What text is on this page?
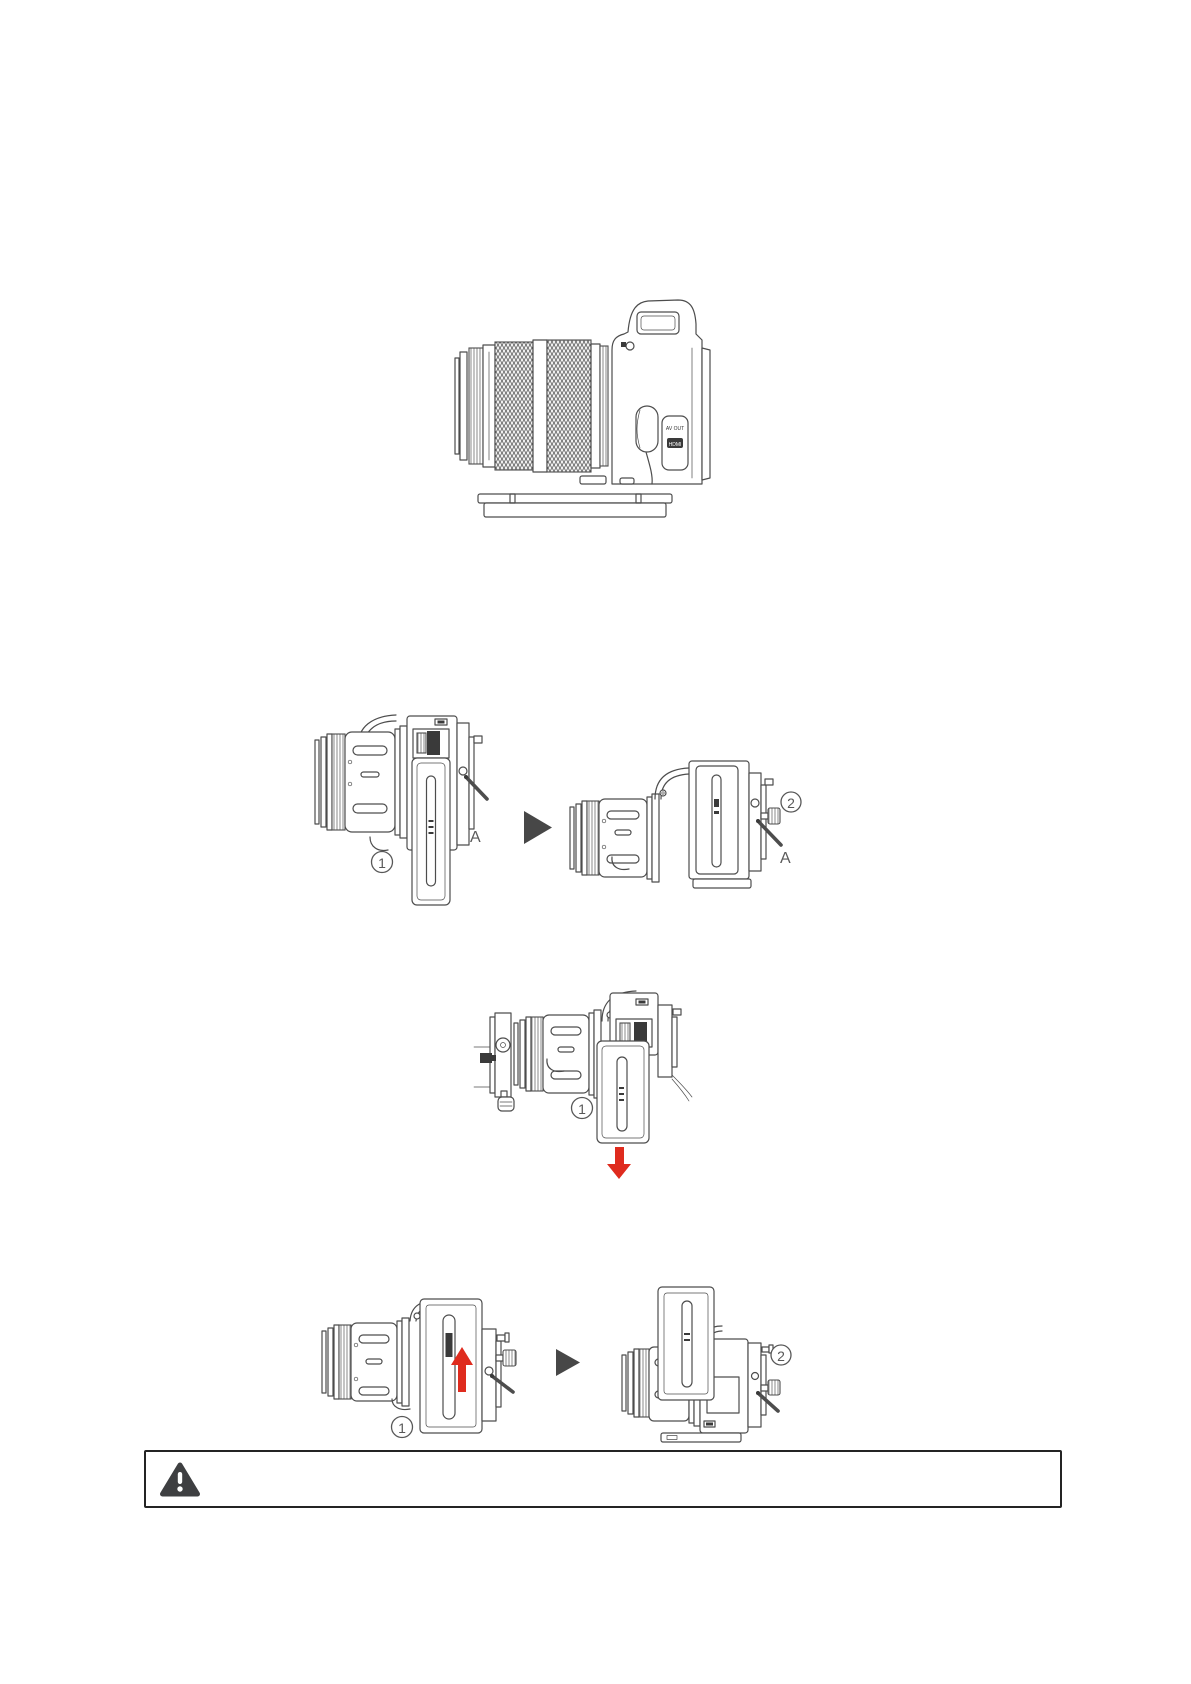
AV OUT
HDMI
A
1	A
2
1
1
2
